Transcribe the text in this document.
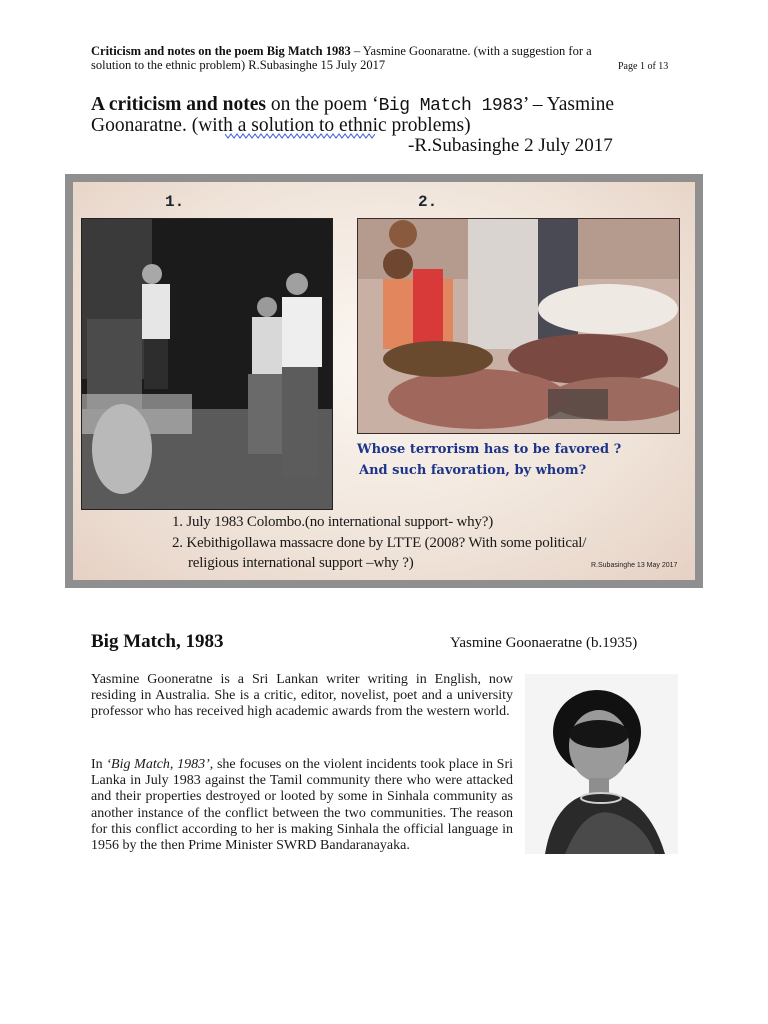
Criticism and notes on the poem Big Match 1983 – Yasmine Goonaratne. (with a suggestion for a
solution to the ethnic problem) R.Subasinghe 15 July 2017	Page 1 of 13
A criticism and notes on the poem ‘Big Match 1983’ – Yasmine
Goonaratne. (with a solution to ethnic problems)
-R.Subasinghe 2 July 2017
1.	2.
Whose terrorism has to be favored ?
And such favoration, by whom?
1. July 1983 Colombo.(no international support- why?)
2. Kebithigollawa massacre done by LTTE (2008? With some political/
religious international support –why ?)	R.Subasinghe 13 May 2017
Big Match, 1983	Yasmine Goonaeratne (b.1935)
Yasmine Gooneratne is a Sri Lankan writer writing in English, now residing in Australia. She is a critic, editor, novelist, poet and a university professor who has received high academic awards from the western world.
In ‘Big Match, 1983’, she focuses on the violent incidents took place in Sri Lanka in July 1983 against the Tamil community there who were attacked and their properties destroyed or looted by some in Sinhala community as another instance of the conflict between the two communities. The reason for this conflict according to her is making Sinhala the official language in 1956 by the then Prime Minister SWRD Bandaranayaka.
